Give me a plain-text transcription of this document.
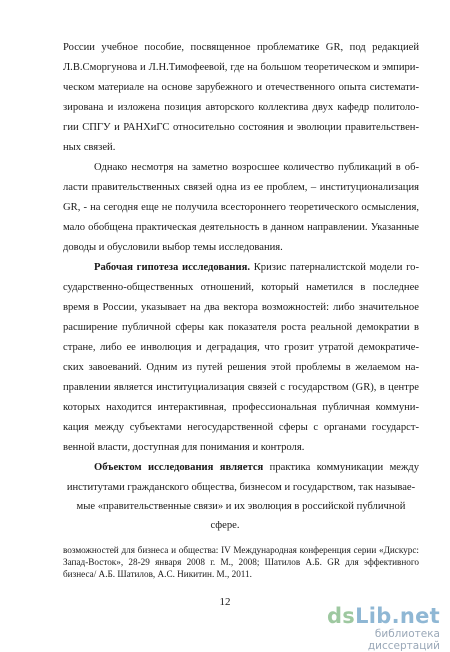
России учебное пособие, посвященное проблематике GR, под редакцией
Л.В.Сморгунова и Л.Н.Тимофеевой, где на большом теоретическом и эмпири-
ческом материале на основе зарубежного и отечественного опыта системати-
зирована и изложена позиция авторского коллектива двух кафедр политоло-
гии СПГУ и РАНХиГС относительно состояния и эволюции правительствен-
ных связей.
Однако несмотря на заметно возросшее количество публикаций в об-
ласти правительственных связей одна из ее проблем, – институционализация
GR, - на сегодня еще не получила всестороннего теоретического осмысления,
мало обобщена практическая деятельность в данном направлении. Указанные
доводы и обусловили выбор темы исследования.
Рабочая гипотеза исследования. Кризис патерналистской модели го-
сударственно-общественных отношений, который наметился в последнее
время в России, указывает на два вектора возможностей: либо значительное
расширение публичной сферы как показателя роста реальной демократии в
стране, либо ее инволюция и деградация, что грозит утратой демократиче-
ских завоеваний. Одним из путей решения этой проблемы в желаемом на-
правлении является институциализация связей с государством (GR), в центре
которых находится интерактивная, профессиональная публичная коммуни-
кация между субъектами негосударственной сферы с органами государст-
венной власти, доступная для понимания и контроля.
Объектом исследования является практика коммуникации между
институтами гражданского общества, бизнесом и государством, так называе-
мые «правительственные связи» и их эволюция в российской публичной
сфере.
возможностей для бизнеса и общества: IV Международная конференция серии «Дискурс:
Запад-Восток», 28-29 января 2008 г. М., 2008; Шатилов А.Б. GR для эффективного
бизнеса/ А.Б. Шатилов, А.С. Никитин. М., 2011.
12
dsLib.net
библиотека диссертаций
